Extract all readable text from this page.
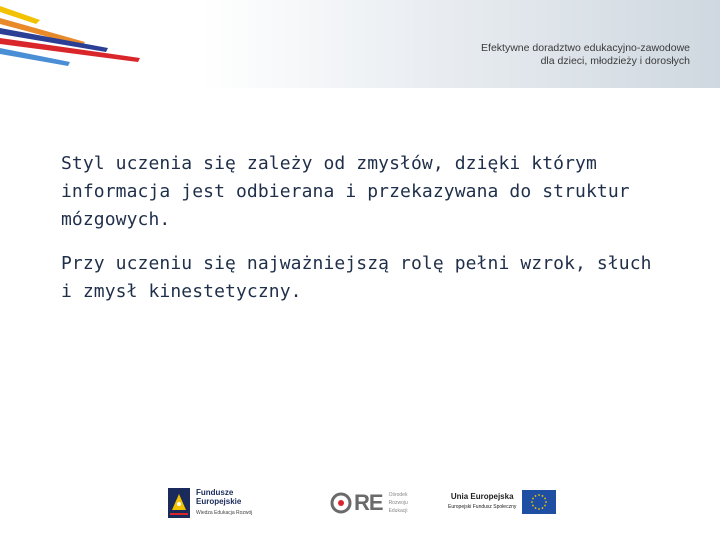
Efektywne doradztwo edukacyjno-zawodowe
dla dzieci, młodzieży i dorosłych

Styl uczenia się zależy od zmysłów, dzięki którym informacja jest odbierana i przekazywana do struktur mózgowych.

Przy uczeniu się najważniejszą rolę pełni wzrok, słuch i zmysł kinestetyczny.

Fundusze
Europejskie
Wiedza Edukacja Rozwój	RE Ośrodek
Rozwoju
Edukacji
Unia Europejska
Europejski Fundusz Społeczny
